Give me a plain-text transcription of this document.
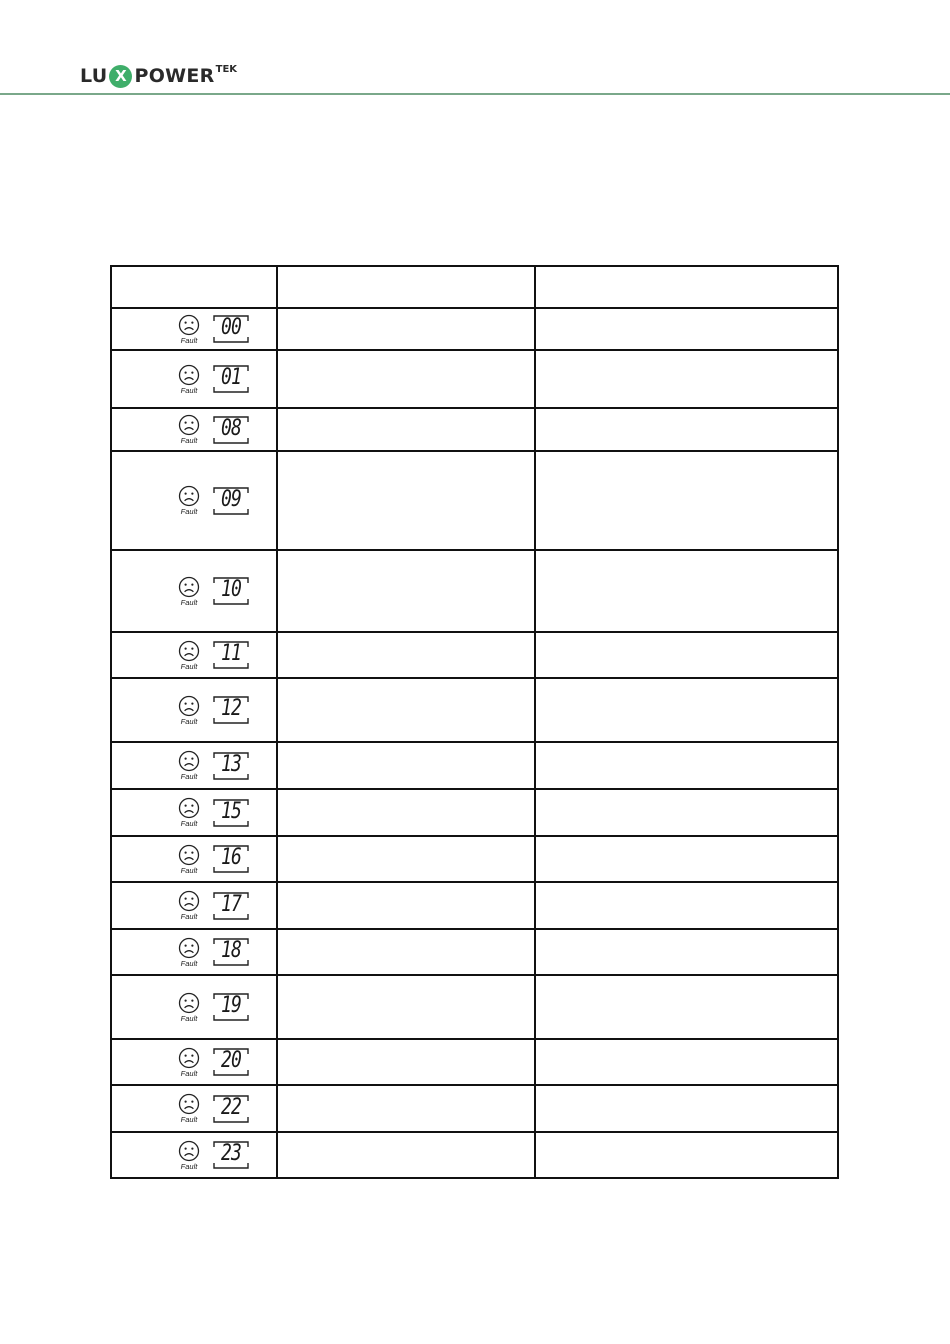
LU X POWER TEK

Fault 00		

Fault 01		

Fault 08		

Fault 09		

Fault 10		

Fault 11		

Fault 12		

Fault 13		

Fault 15		

Fault 16		

Fault 17		

Fault 18		

Fault 19		

Fault 20		

Fault 22		

Fault 23		
